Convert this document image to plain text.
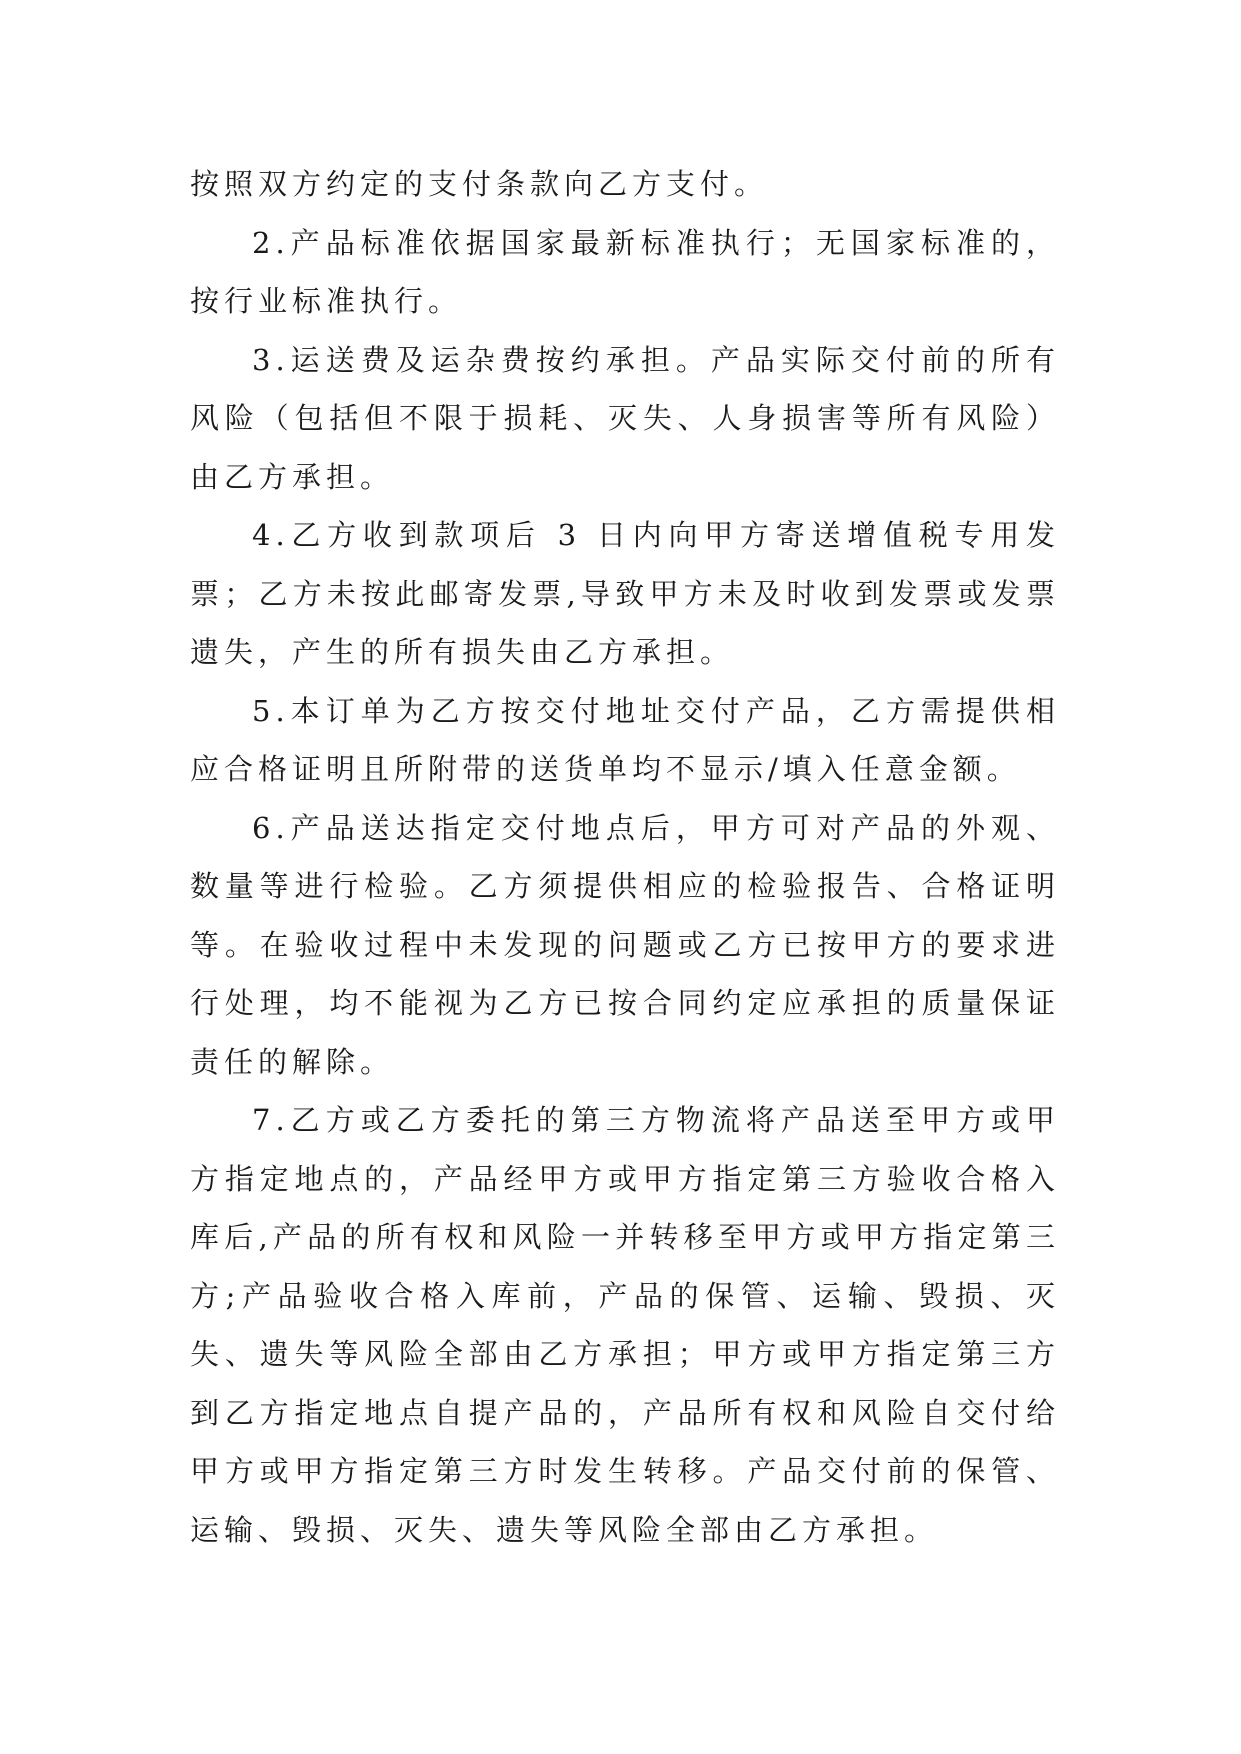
按照双方约定的支付条款向乙方支付。

2.产品标准依据国家最新标准执行；无国家标准的，按行业标准执行。

3.运送费及运杂费按约承担。产品实际交付前的所有风险（包括但不限于损耗、灭失、人身损害等所有风险）由乙方承担。

4.乙方收到款项后 3 日内向甲方寄送增值税专用发票；乙方未按此邮寄发票,导致甲方未及时收到发票或发票遗失，产生的所有损失由乙方承担。

5.本订单为乙方按交付地址交付产品，乙方需提供相应合格证明且所附带的送货单均不显示/填入任意金额。

6.产品送达指定交付地点后，甲方可对产品的外观、数量等进行检验。乙方须提供相应的检验报告、合格证明等。在验收过程中未发现的问题或乙方已按甲方的要求进行处理，均不能视为乙方已按合同约定应承担的质量保证责任的解除。

7.乙方或乙方委托的第三方物流将产品送至甲方或甲方指定地点的，产品经甲方或甲方指定第三方验收合格入库后,产品的所有权和风险一并转移至甲方或甲方指定第三方;产品验收合格入库前，产品的保管、运输、毁损、灭失、遗失等风险全部由乙方承担；甲方或甲方指定第三方到乙方指定地点自提产品的，产品所有权和风险自交付给甲方或甲方指定第三方时发生转移。产品交付前的保管、运输、毁损、灭失、遗失等风险全部由乙方承担。
